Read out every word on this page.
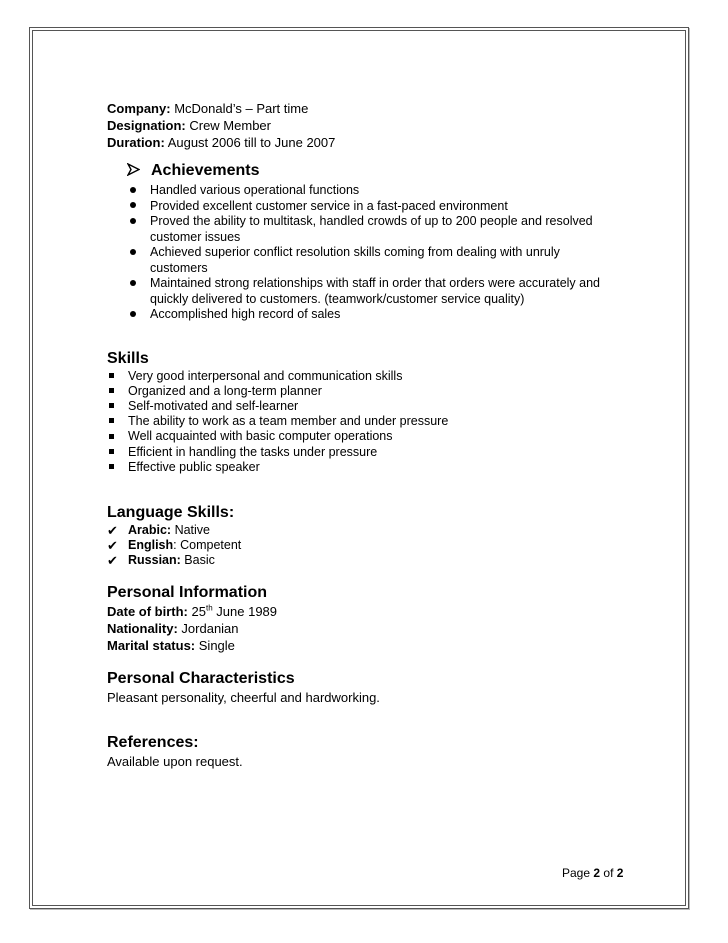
Company: McDonald’s – Part time
Designation: Crew Member
Duration: August 2006 till to June 2007
Achievements
Handled various operational functions
Provided excellent customer service in a fast-paced environment
Proved the ability to multitask, handled crowds of up to 200 people and resolved customer issues
Achieved superior conflict resolution skills coming from dealing with unruly customers
Maintained strong relationships with staff in order that orders were accurately and quickly delivered to customers. (teamwork/customer service quality)
Accomplished high record of sales
Skills
Very good interpersonal and communication skills
Organized and a long-term planner
Self-motivated and self-learner
The ability to work as a team member and under pressure
Well acquainted with basic computer operations
Efficient in handling the tasks under pressure
Effective public speaker
Language Skills:
✔ Arabic:
Native
✔ English :
Competent
✔ Russian:
Basic
Personal Information
Date of birth: 25th June 1989
Nationality: Jordanian
Marital status: Single
Personal Characteristics
Pleasant personality, cheerful and hardworking.
References:
Available upon request.
Page 2 of 2
